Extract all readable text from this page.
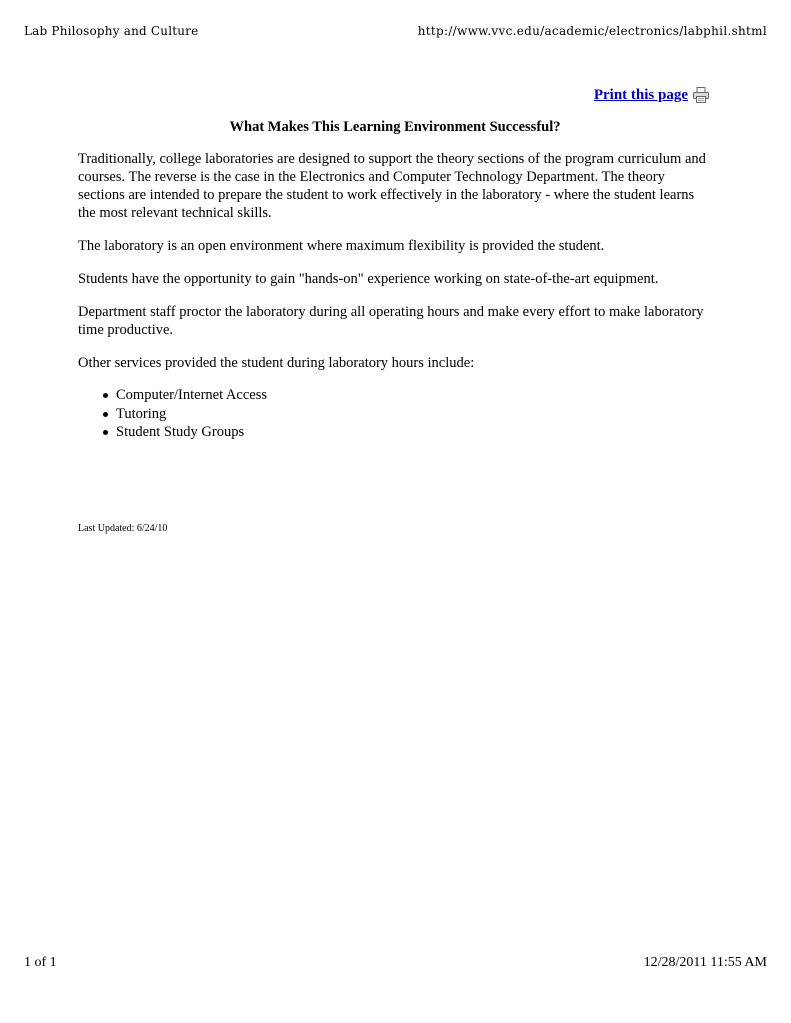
Lab Philosophy and Culture	http://www.vvc.edu/academic/electronics/labphil.shtml
Print this page
What Makes This Learning Environment Successful?

Traditionally, college laboratories are designed to support the theory sections of the program curriculum and courses. The reverse is the case in the Electronics and Computer Technology Department. The theory sections are intended to prepare the student to work effectively in the laboratory - where the student learns the most relevant technical skills.

The laboratory is an open environment where maximum flexibility is provided the student.

Students have the opportunity to gain "hands-on" experience working on state-of-the-art equipment.

Department staff proctor the laboratory during all operating hours and make every effort to make laboratory time productive.

Other services provided the student during laboratory hours include:

Computer/Internet Access
Tutoring
Student Study Groups
Last Updated: 6/24/10
1 of 1	12/28/2011 11:55 AM
